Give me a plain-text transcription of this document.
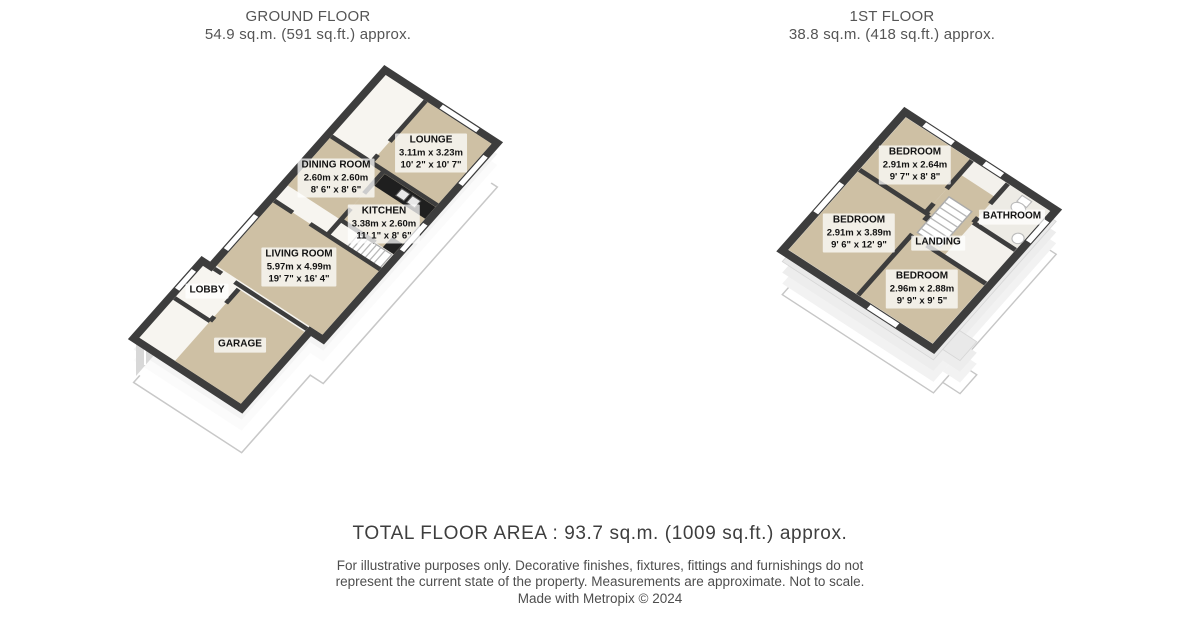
GROUND FLOOR
54.9 sq.m. (591 sq.ft.) approx.
1ST FLOOR
38.8 sq.m. (418 sq.ft.) approx.
LOUNGE
3.11m x 3.23m
10' 2" x 10' 7"
DINING ROOM
2.60m x 2.60m
8' 6" x 8' 6"
KITCHEN
3.38m x 2.60m
11' 1" x 8' 6"
LIVING ROOM
5.97m x 4.99m
19' 7" x 16' 4"
LOBBY
GARAGE
BEDROOM
2.91m x 2.64m
9' 7" x 8' 8"
BEDROOM
2.91m x 3.89m
9' 6" x 12' 9"
BEDROOM
2.96m x 2.88m
9' 9" x 9' 5"
BATHROOM
LANDING
TOTAL FLOOR AREA : 93.7 sq.m. (1009 sq.ft.) approx.
For illustrative purposes only. Decorative finishes, fixtures, fittings and furnishings do not
represent the current state of the property. Measurements are approximate. Not to scale.
Made with Metropix © 2024
